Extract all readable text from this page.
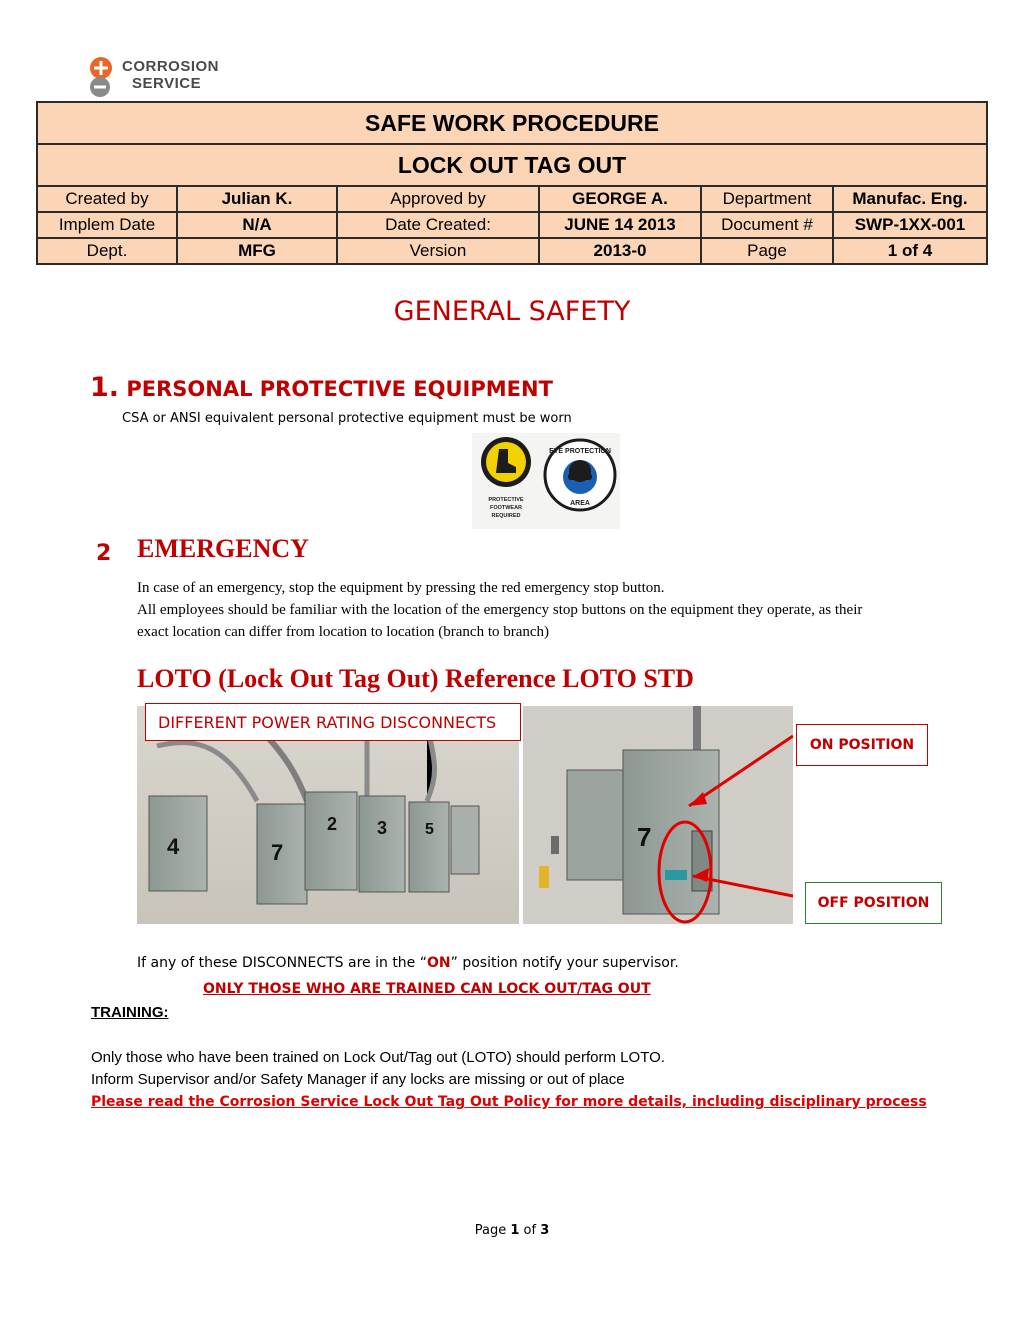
CORROSION
SERVICE
SAFE WORK PROCEDURE					
LOCK OUT TAG OUT					
Created by	Julian K.	Approved by	GEORGE A.	Department	Manufac. Eng.
Implem Date	N/A	Date Created:	JUNE 14 2013	Document #	SWP-1XX-001
Dept.	MFG	Version	2013-0	Page	1 of 4
GENERAL SAFETY
1. PERSONAL PROTECTIVE EQUIPMENT
CSA or ANSI equivalent personal protective equipment must be worn
PROTECTIVE
FOOTWEAR
REQUIRED
EYE PROTECTION
AREA
2 EMERGENCY
In case of an emergency, stop the equipment by pressing the red emergency stop button.
All employees should be familiar with the location of the emergency stop buttons on the equipment they operate, as their
exact location can differ from location to location (branch to branch)
LOTO (Lock Out Tag Out) Reference LOTO STD
4	7
2 3 5	7
DIFFERENT POWER RATING DISCONNECTS
ON POSITION
OFF POSITION
If any of these DISCONNECTS are in the “ON” position notify your supervisor.
ONLY THOSE WHO ARE TRAINED CAN LOCK OUT/TAG OUT
TRAINING:
Only those who have been trained on Lock Out/Tag out (LOTO) should perform LOTO.
Inform Supervisor and/or Safety Manager if any locks are missing or out of place
Please read the Corrosion Service Lock Out Tag Out Policy for more details, including disciplinary process
Page 1 of 3
